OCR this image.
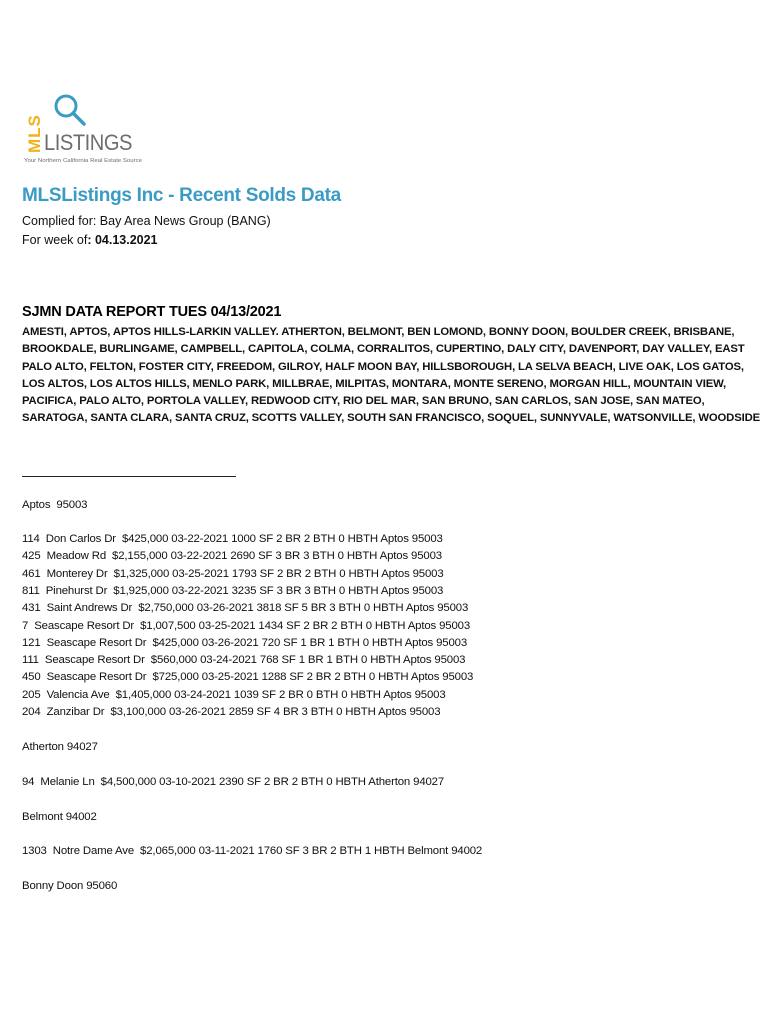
MLS LISTINGS
Your Northern California Real Estate Source
MLSListings Inc - Recent Solds Data
Complied for: Bay Area News Group (BANG)
For week of: 04.13.2021
SJMN DATA REPORT TUES 04/13/2021
AMESTI, APTOS, APTOS HILLS-LARKIN VALLEY. ATHERTON, BELMONT, BEN LOMOND, BONNY DOON, BOULDER CREEK, BRISBANE, BROOKDALE, BURLINGAME, CAMPBELL, CAPITOLA, COLMA, CORRALITOS, CUPERTINO, DALY CITY, DAVENPORT, DAY VALLEY, EAST PALO ALTO, FELTON, FOSTER CITY, FREEDOM, GILROY, HALF MOON BAY, HILLSBOROUGH, LA SELVA BEACH, LIVE OAK, LOS GATOS, LOS ALTOS, LOS ALTOS HILLS, MENLO PARK, MILLBRAE, MILPITAS, MONTARA, MONTE SERENO, MORGAN HILL, MOUNTAIN VIEW, PACIFICA, PALO ALTO, PORTOLA VALLEY, REDWOOD CITY, RIO DEL MAR, SAN BRUNO, SAN CARLOS, SAN JOSE, SAN MATEO, SARATOGA, SANTA CLARA, SANTA CRUZ, SCOTTS VALLEY, SOUTH SAN FRANCISCO, SOQUEL, SUNNYVALE, WATSONVILLE, WOODSIDE
Aptos  95003
114  Don Carlos Dr  $425,000 03-22-2021 1000 SF 2 BR 2 BTH 0 HBTH Aptos 95003
425  Meadow Rd  $2,155,000 03-22-2021 2690 SF 3 BR 3 BTH 0 HBTH Aptos 95003
461  Monterey Dr  $1,325,000 03-25-2021 1793 SF 2 BR 2 BTH 0 HBTH Aptos 95003
811  Pinehurst Dr  $1,925,000 03-22-2021 3235 SF 3 BR 3 BTH 0 HBTH Aptos 95003
431  Saint Andrews Dr  $2,750,000 03-26-2021 3818 SF 5 BR 3 BTH 0 HBTH Aptos 95003
7  Seascape Resort Dr  $1,007,500 03-25-2021 1434 SF 2 BR 2 BTH 0 HBTH Aptos 95003
121  Seascape Resort Dr  $425,000 03-26-2021 720 SF 1 BR 1 BTH 0 HBTH Aptos 95003
111  Seascape Resort Dr  $560,000 03-24-2021 768 SF 1 BR 1 BTH 0 HBTH Aptos 95003
450  Seascape Resort Dr  $725,000 03-25-2021 1288 SF 2 BR 2 BTH 0 HBTH Aptos 95003
205  Valencia Ave  $1,405,000 03-24-2021 1039 SF 2 BR 0 BTH 0 HBTH Aptos 95003
204  Zanzibar Dr  $3,100,000 03-26-2021 2859 SF 4 BR 3 BTH 0 HBTH Aptos 95003
Atherton 94027
94  Melanie Ln  $4,500,000 03-10-2021 2390 SF 2 BR 2 BTH 0 HBTH Atherton 94027
Belmont 94002
1303  Notre Dame Ave  $2,065,000 03-11-2021 1760 SF 3 BR 2 BTH 1 HBTH Belmont 94002
Bonny Doon 95060
